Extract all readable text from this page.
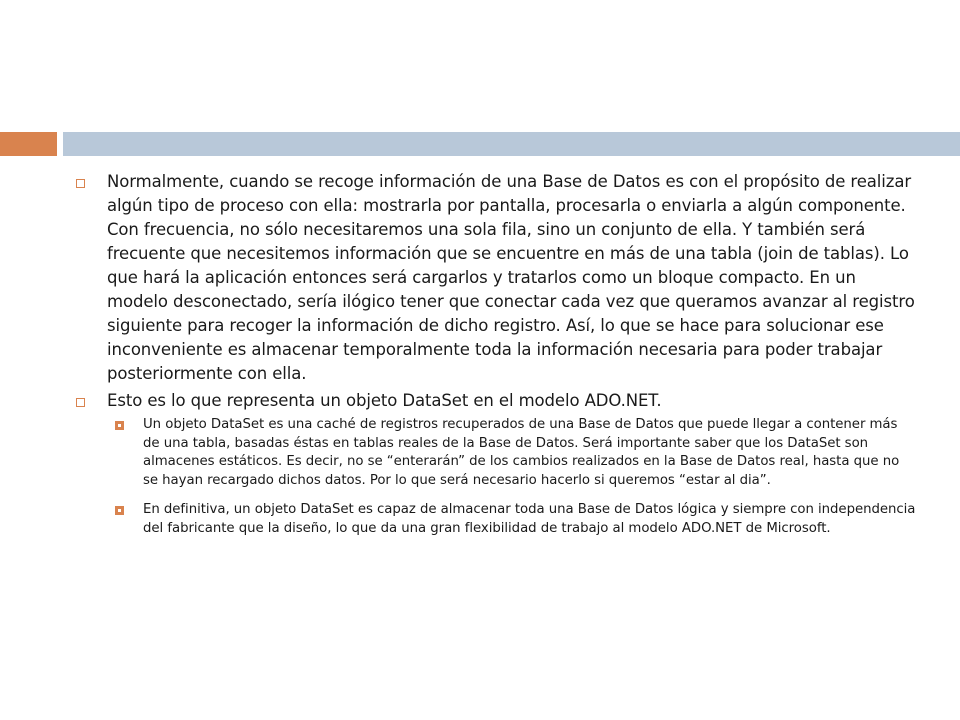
Normalmente, cuando se recoge información de una Base de Datos es con el propósito de realizar algún tipo de proceso con ella: mostrarla por pantalla, procesarla o enviarla a algún componente. Con frecuencia, no sólo necesitaremos una sola fila, sino un conjunto de ella. Y también será frecuente que necesitemos información que se encuentre en más de una tabla (join de tablas). Lo que hará la aplicación entonces será cargarlos y tratarlos como un bloque compacto. En un modelo desconectado, sería ilógico tener que conectar cada vez que queramos avanzar al registro siguiente para recoger la información de dicho registro. Así, lo que se hace para solucionar ese inconveniente es almacenar temporalmente toda la información necesaria para poder trabajar posteriormente con ella.
Esto es lo que representa un objeto DataSet en el modelo ADO.NET.
Un objeto DataSet es una caché de registros recuperados de una Base de Datos que puede llegar a contener más de una tabla, basadas éstas en tablas reales de la Base de Datos. Será importante saber que los DataSet son almacenes estáticos. Es decir, no se “enterarán” de los cambios realizados en la Base de Datos real, hasta que no se hayan recargado dichos datos. Por lo que será necesario hacerlo si queremos “estar al dia”.
En definitiva, un objeto DataSet es capaz de almacenar toda una Base de Datos lógica y siempre con independencia del fabricante que la diseño, lo que da una gran flexibilidad de trabajo al modelo ADO.NET de Microsoft.
